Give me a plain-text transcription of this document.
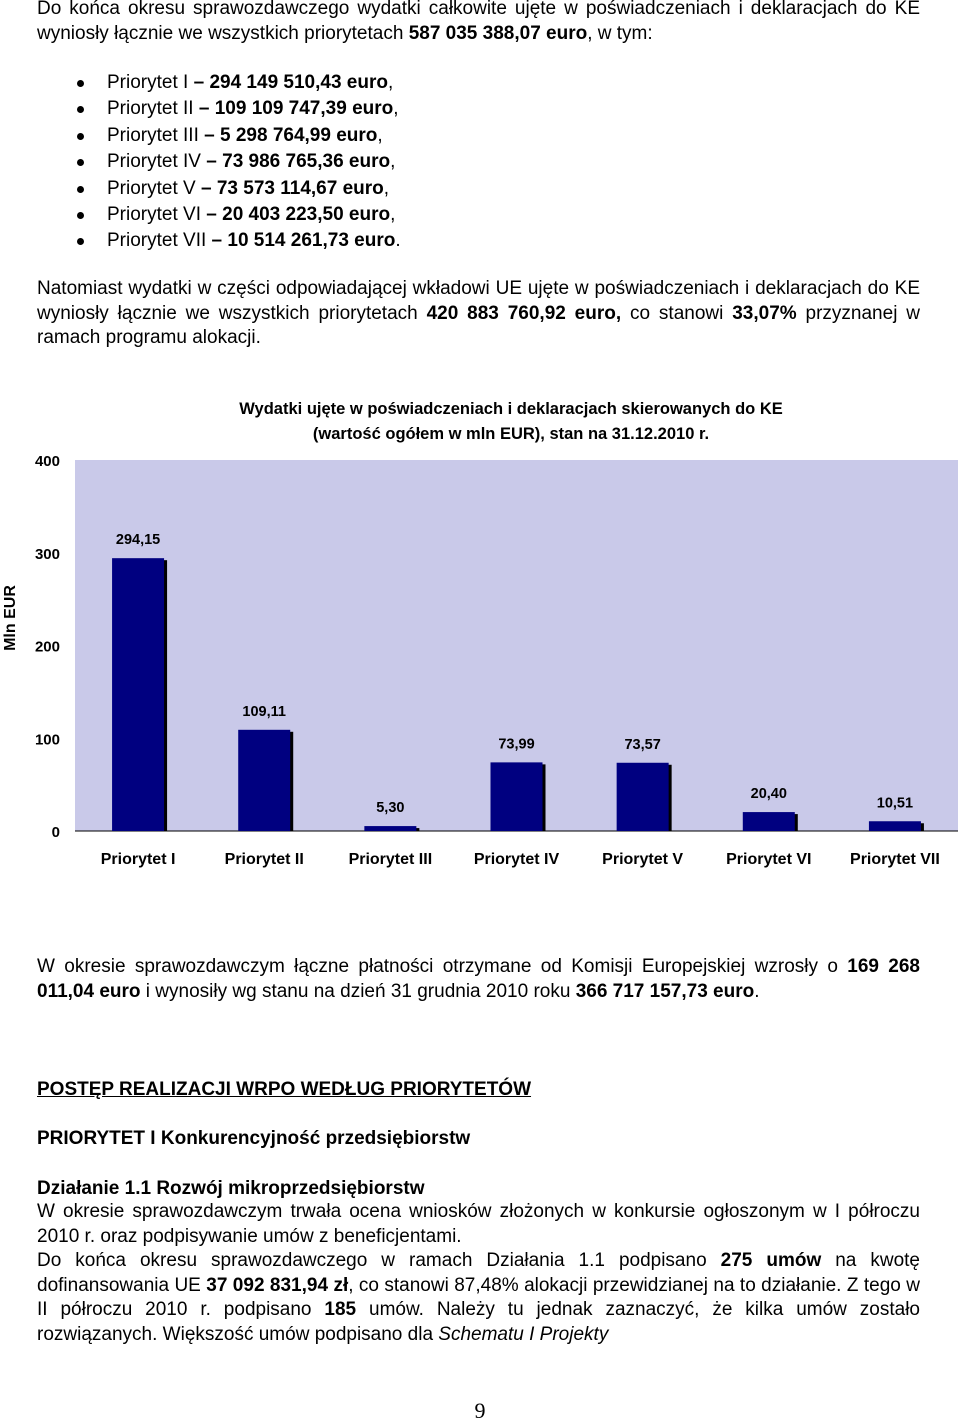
Do końca okresu sprawozdawczego wydatki całkowite ujęte w poświadczeniach i deklaracjach do KE wyniosły łącznie we wszystkich priorytetach 587 035 388,07 euro, w tym:
Priorytet I – 294 149 510,43 euro,
Priorytet II – 109 109 747,39 euro,
Priorytet III – 5 298 764,99 euro,
Priorytet IV – 73 986 765,36 euro,
Priorytet V – 73 573 114,67 euro,
Priorytet VI – 20 403 223,50 euro,
Priorytet VII – 10 514 261,73 euro.
Natomiast wydatki w części odpowiadającej wkładowi UE ujęte w poświadczeniach i deklaracjach do KE wyniosły łącznie we wszystkich priorytetach 420 883 760,92 euro, co stanowi 33,07% przyznanej w ramach programu alokacji.
Wydatki ujęte w poświadczeniach i deklaracjach skierowanych do KE
(wartość ogółem w mln EUR), stan na 31.12.2010 r.
Mln EUR
0
100
200
300
400
294,15
109,11
5,30
73,99	73,57
20,40
10,51
Priorytet I	Priorytet II	Priorytet III	Priorytet IV	Priorytet V	Priorytet VI Priorytet VII
W okresie sprawozdawczym łączne płatności otrzymane od Komisji Europejskiej wzrosły o 169 268 011,04 euro i wynosiły wg stanu na dzień 31 grudnia 2010 roku 366 717 157,73 euro.
POSTĘP REALIZACJI WRPO WEDŁUG PRIORYTETÓW
PRIORYTET I Konkurencyjność przedsiębiorstw
Działanie 1.1 Rozwój mikroprzedsiębiorstw
W okresie sprawozdawczym trwała ocena wniosków złożonych w konkursie ogłoszonym w I półroczu 2010 r. oraz podpisywanie umów z beneficjentami.
Do końca okresu sprawozdawczego w ramach Działania 1.1 podpisano 275 umów na kwotę dofinansowania UE 37 092 831,94 zł, co stanowi 87,48% alokacji przewidzianej na to działanie. Z tego w II półroczu 2010 r. podpisano 185 umów. Należy tu jednak zaznaczyć, że kilka umów zostało rozwiązanych. Większość umów podpisano dla Schematu I Projekty
9
